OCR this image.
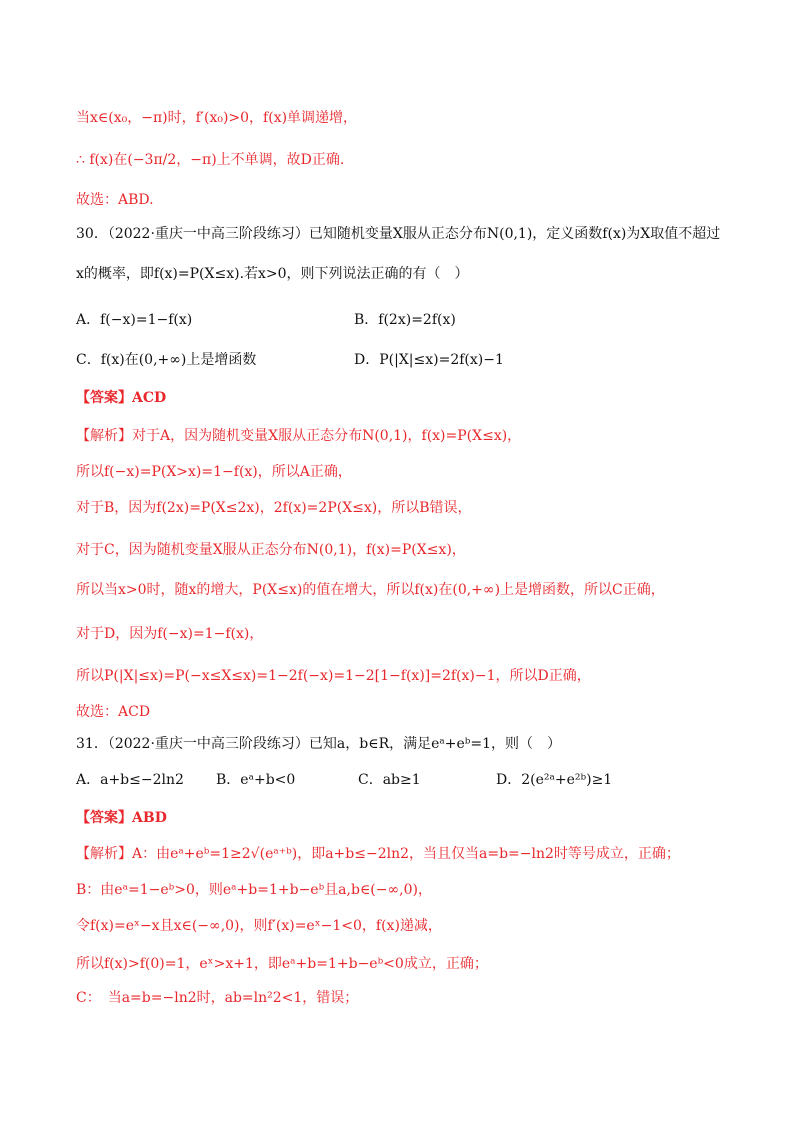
当x∈(x₀，−π)时，f′(x₀)>0，f(x)单调递增，
∴ f(x)在(−3π/2，−π)上不单调，故D正确.
故选：ABD.
30．（2022·重庆一中高三阶段练习）已知随机变量X服从正态分布N(0,1)，定义函数f(x)为X取值不超过
x的概率，即f(x)=P(X≤x).若x>0，则下列说法正确的有（　）
A．f(−x)=1−f(x)	B．f(2x)=2f(x)
C．f(x)在(0,+∞)上是增函数	D．P(|X|≤x)=2f(x)−1
【答案】ACD
【解析】对于A，因为随机变量X服从正态分布N(0,1)，f(x)=P(X≤x)，
所以f(−x)=P(X>x)=1−f(x)，所以A正确，
对于B，因为f(2x)=P(X≤2x)，2f(x)=2P(X≤x)，所以B错误，
对于C，因为随机变量X服从正态分布N(0,1)，f(x)=P(X≤x)，
所以当x>0时，随x的增大，P(X≤x)的值在增大，所以f(x)在(0,+∞)上是增函数，所以C正确，
对于D，因为f(−x)=1−f(x)，
所以P(|X|≤x)=P(−x≤X≤x)=1−2f(−x)=1−2[1−f(x)]=2f(x)−1，所以D正确，
故选：ACD
31．（2022·重庆一中高三阶段练习）已知a，b∈R，满足eᵃ+eᵇ=1，则（　）
A．a+b≤−2ln2 B．eᵃ+b<0	C．ab≥1	D．2(e²ᵃ+e²ᵇ)≥1
【答案】ABD
【解析】A：由eᵃ+eᵇ=1≥2√(eᵃ⁺ᵇ)，即a+b≤−2ln2，当且仅当a=b=−ln2时等号成立，正确；
B：由eᵃ=1−eᵇ>0，则eᵃ+b=1+b−eᵇ且a,b∈(−∞,0)，
令f(x)=eˣ−x且x∈(−∞,0)，则f′(x)=eˣ−1<0，f(x)递减，
所以f(x)>f(0)=1，eˣ>x+1，即eᵃ+b=1+b−eᵇ<0成立，正确；
C：　当a=b=−ln2时，ab=ln²2<1，错误；
